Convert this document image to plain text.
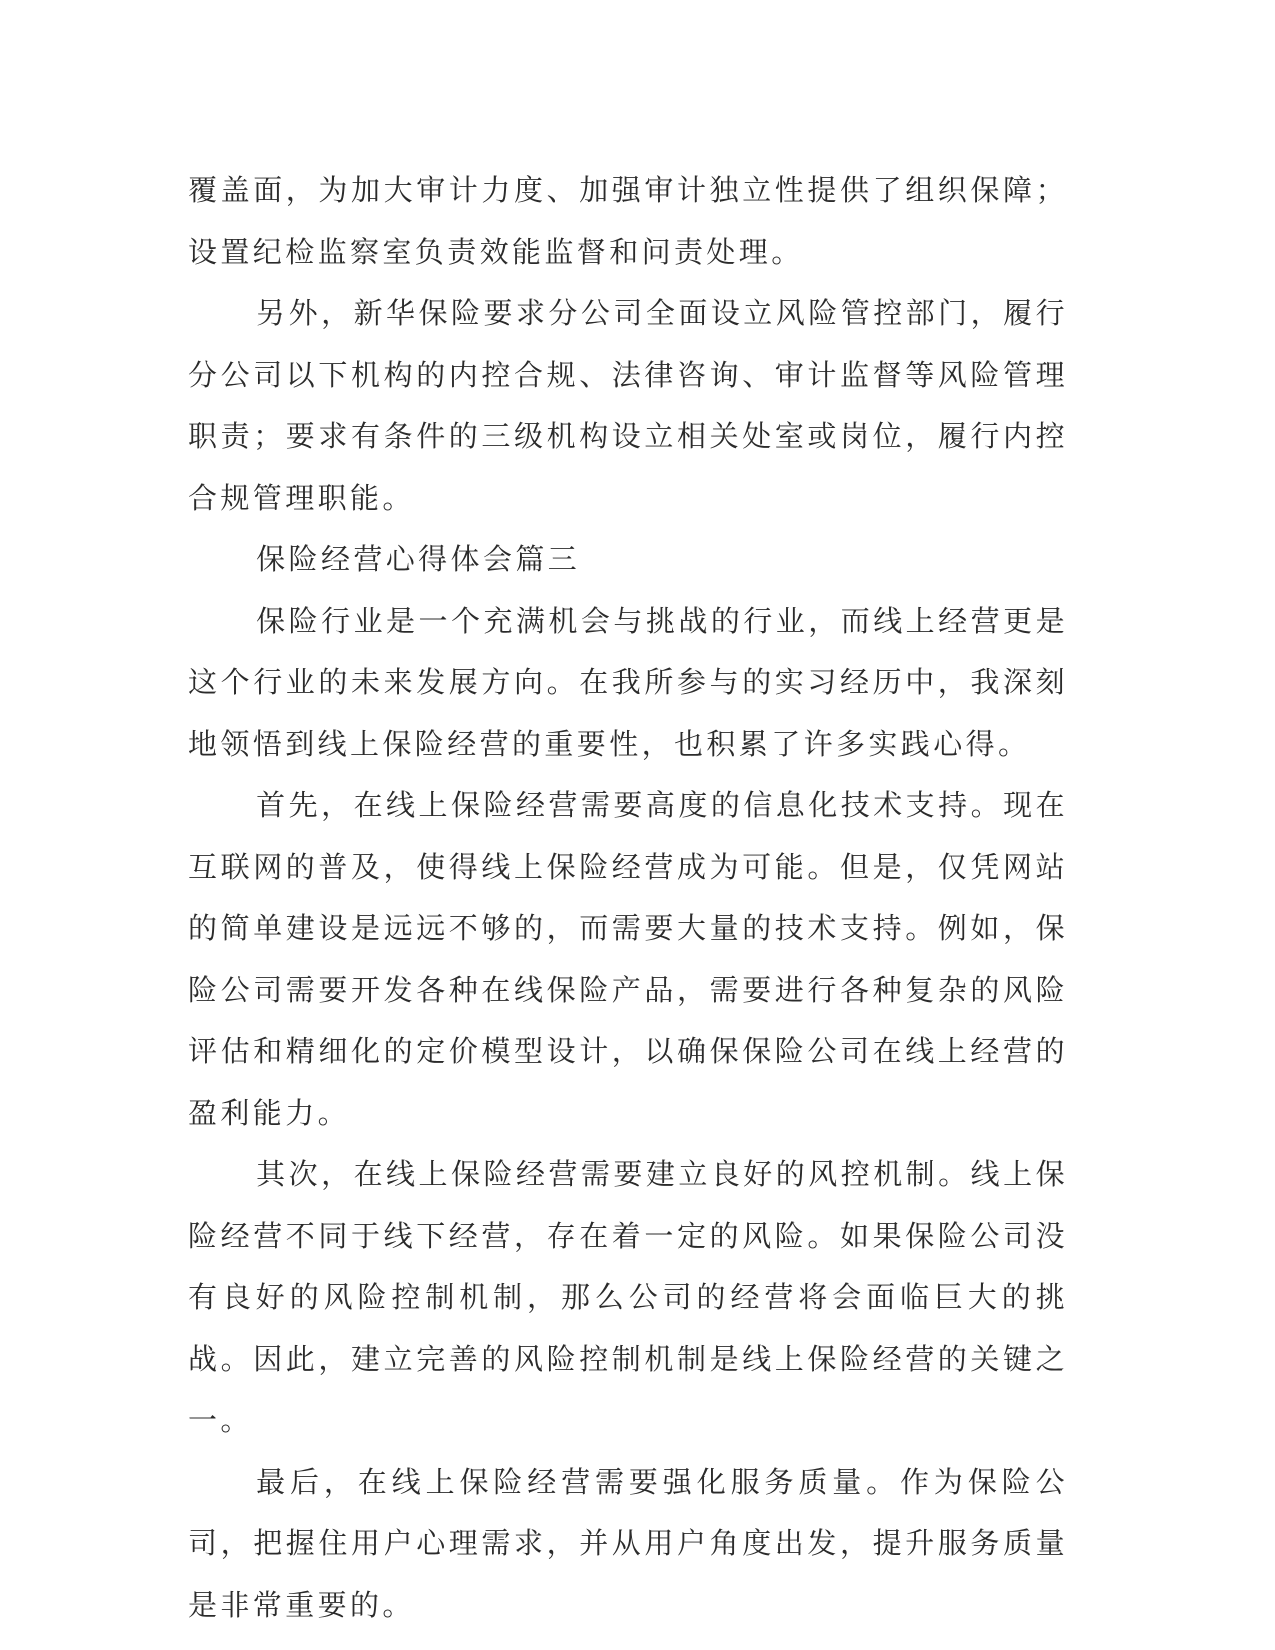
覆盖面，为加大审计力度、加强审计独立性提供了组织保障；设置纪检监察室负责效能监督和问责处理。

另外，新华保险要求分公司全面设立风险管控部门，履行分公司以下机构的内控合规、法律咨询、审计监督等风险管理职责；要求有条件的三级机构设立相关处室或岗位，履行内控合规管理职能。

保险经营心得体会篇三

保险行业是一个充满机会与挑战的行业，而线上经营更是这个行业的未来发展方向。在我所参与的实习经历中，我深刻地领悟到线上保险经营的重要性，也积累了许多实践心得。

首先，在线上保险经营需要高度的信息化技术支持。现在互联网的普及，使得线上保险经营成为可能。但是，仅凭网站的简单建设是远远不够的，而需要大量的技术支持。例如，保险公司需要开发各种在线保险产品，需要进行各种复杂的风险评估和精细化的定价模型设计，以确保保险公司在线上经营的盈利能力。

其次，在线上保险经营需要建立良好的风控机制。线上保险经营不同于线下经营，存在着一定的风险。如果保险公司没有良好的风险控制机制，那么公司的经营将会面临巨大的挑战。因此，建立完善的风险控制机制是线上保险经营的关键之一。

最后，在线上保险经营需要强化服务质量。作为保险公司，把握住用户心理需求，并从用户角度出发，提升服务质量是非常重要的。
